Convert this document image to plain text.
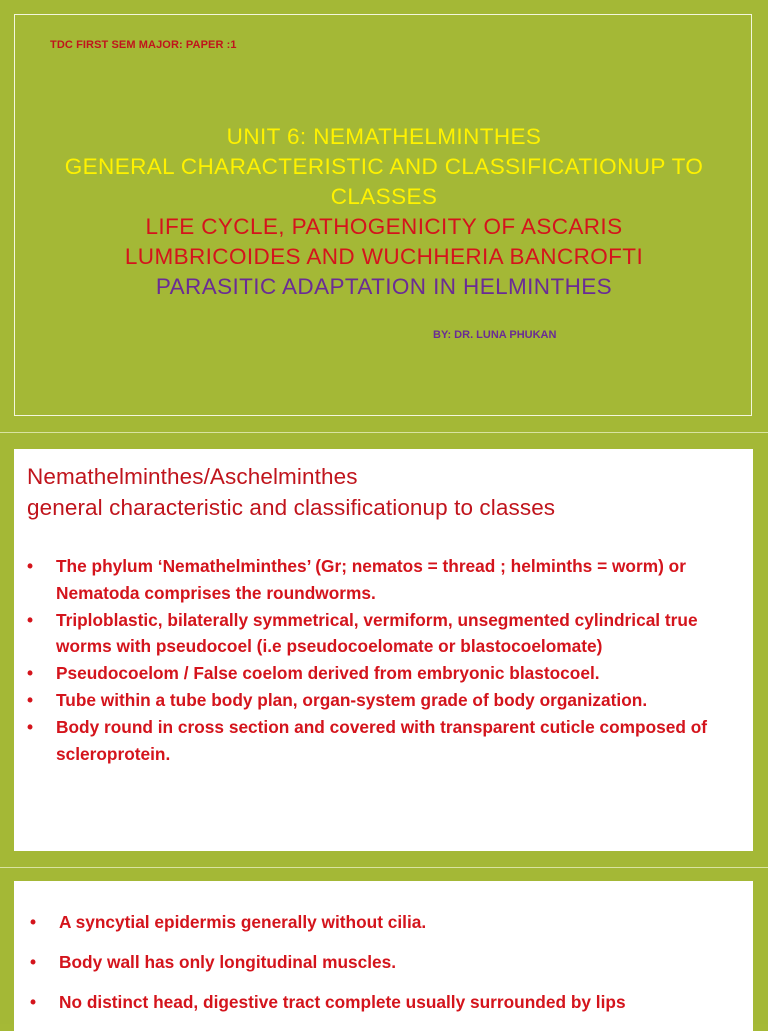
TDC FIRST SEM MAJOR: PAPER :1
UNIT 6: NEMATHELMINTHES
GENERAL CHARACTERISTIC AND CLASSIFICATIONUP TO
CLASSES
LIFE CYCLE, PATHOGENICITY OF ASCARIS
LUMBRICOIDES AND WUCHHERIA BANCROFTI
PARASITIC ADAPTATION IN HELMINTHES
BY: DR. LUNA PHUKAN
Nemathelminthes/Aschelminthes
general characteristic and classificationup to classes
• The phylum ‘Nemathelminthes’ (Gr; nematos = thread ; helminths = worm) or Nematoda comprises the roundworms.
• Triploblastic, bilaterally symmetrical, vermiform, unsegmented cylindrical true worms with pseudocoel (i.e pseudocoelomate or blastocoelomate)
• Pseudocoelom / False coelom derived from embryonic blastocoel.
• Tube within a tube body plan, organ-system grade of body organization.
• Body round in cross section and covered with transparent cuticle composed of scleroprotein.
• A syncytial epidermis generally without cilia.
• Body wall has only longitudinal muscles.
• No distinct head, digestive tract complete usually surrounded by lips
